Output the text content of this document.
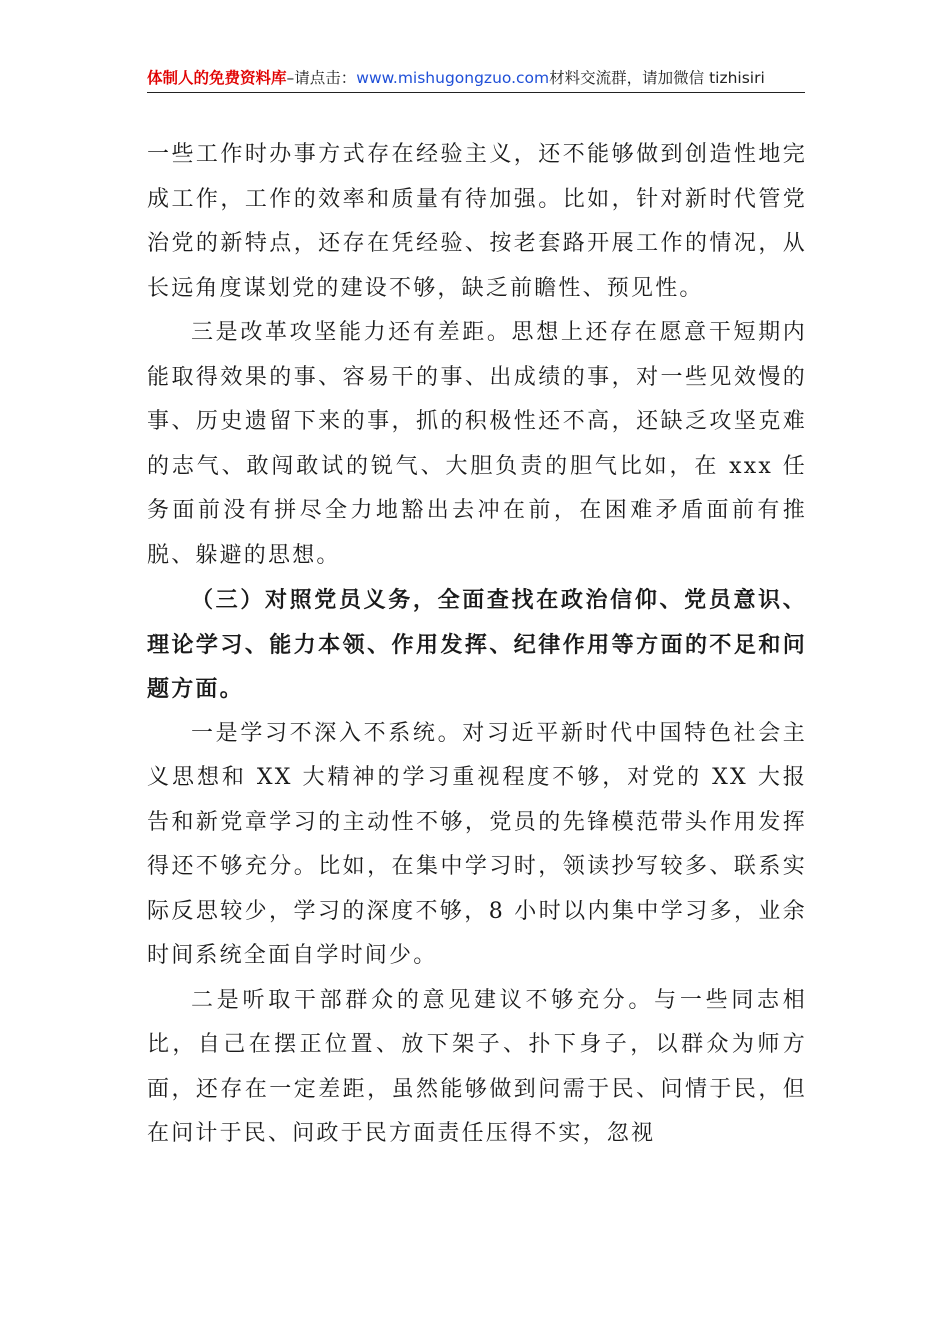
体制人的免费资料库–请点击：www.mishugongzuo.com材料交流群，请加微信 tizhisiri

一些工作时办事方式存在经验主义，还不能够做到创造性地完成工作，工作的效率和质量有待加强。比如，针对新时代管党治党的新特点，还存在凭经验、按老套路开展工作的情况，从长远角度谋划党的建设不够，缺乏前瞻性、预见性。

三是改革攻坚能力还有差距。思想上还存在愿意干短期内能取得效果的事、容易干的事、出成绩的事，对一些见效慢的事、历史遗留下来的事，抓的积极性还不高，还缺乏攻坚克难的志气、敢闯敢试的锐气、大胆负责的胆气比如，在 xxx 任务面前没有拼尽全力地豁出去冲在前，在困难矛盾面前有推脱、躲避的思想。

（三）对照党员义务，全面查找在政治信仰、党员意识、理论学习、能力本领、作用发挥、纪律作用等方面的不足和问题方面。

一是学习不深入不系统。对习近平新时代中国特色社会主义思想和 XX 大精神的学习重视程度不够，对党的 XX 大报告和新党章学习的主动性不够，党员的先锋模范带头作用发挥得还不够充分。比如，在集中学习时，领读抄写较多、联系实际反思较少，学习的深度不够，8 小时以内集中学习多，业余时间系统全面自学时间少。

二是听取干部群众的意见建议不够充分。与一些同志相比，自己在摆正位置、放下架子、扑下身子，以群众为师方面，还存在一定差距，虽然能够做到问需于民、问情于民，但在问计于民、问政于民方面责任压得不实，忽视
